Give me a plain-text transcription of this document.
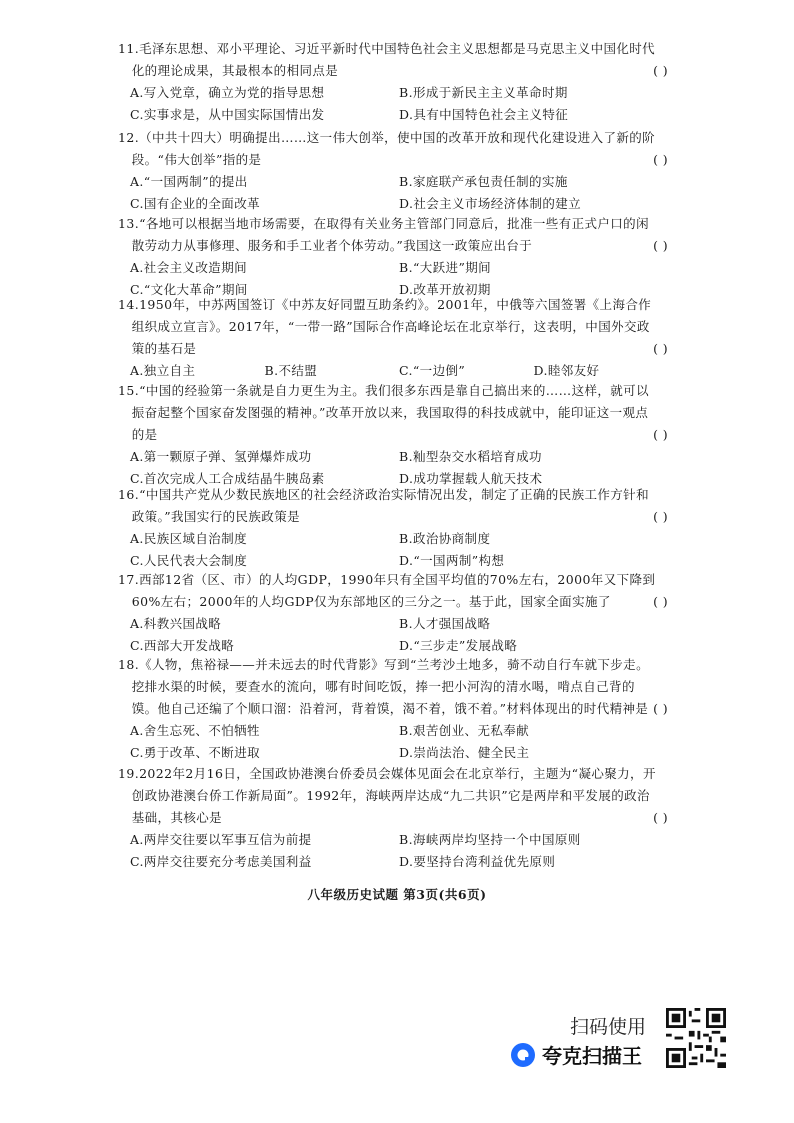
11.毛泽东思想、邓小平理论、习近平新时代中国特色社会主义思想都是马克思主义中国化时代化的理论成果，其最根本的相同点是	( )
A.写入党章，确立为党的指导思想	B.形成于新民主主义革命时期
C.实事求是，从中国实际国情出发	D.具有中国特色社会主义特征
12.（中共十四大）明确提出……这一伟大创举，使中国的改革开放和现代化建设进入了新的阶段。“伟大创举”指的是	( )
A.“一国两制”的提出	B.家庭联产承包责任制的实施
C.国有企业的全面改革	D.社会主义市场经济体制的建立
13.“各地可以根据当地市场需要，在取得有关业务主管部门同意后，批准一些有正式户口的闲散劳动力从事修理、服务和手工业者个体劳动。”我国这一政策应出台于	( )
A.社会主义改造期间	B.“大跃进”期间
C.“文化大革命”期间	D.改革开放初期
14.1950年，中苏两国签订《中苏友好同盟互助条约》。2001年，中俄等六国签署《上海合作组织成立宣言》。2017年，“一带一路”国际合作高峰论坛在北京举行，这表明，中国外交政策的基石是	( )
A.独立自主	B.不结盟	C.“一边倒”	D.睦邻友好
15.“中国的经验第一条就是自力更生为主。我们很多东西是靠自己搞出来的……这样，就可以振奋起整个国家奋发图强的精神。”改革开放以来，我国取得的科技成就中，能印证这一观点的是	( )
A.第一颗原子弹、氢弹爆炸成功	B.籼型杂交水稻培育成功
C.首次完成人工合成结晶牛胰岛素	D.成功掌握载人航天技术
16.“中国共产党从少数民族地区的社会经济政治实际情况出发，制定了正确的民族工作方针和政策。”我国实行的民族政策是	( )
A.民族区域自治制度	B.政治协商制度
C.人民代表大会制度	D.“一国两制”构想
17.西部12省（区、市）的人均GDP，1990年只有全国平均值的70%左右，2000年又下降到60%左右；2000年的人均GDP仅为东部地区的三分之一。基于此，国家全面实施了	( )
A.科教兴国战略	B.人才强国战略
C.西部大开发战略	D.“三步走”发展战略
18.《人物，焦裕禄——并未远去的时代背影》写到“兰考沙土地多，骑不动自行车就下步走。挖排水渠的时候，要查水的流向，哪有时间吃饭，捧一把小河沟的清水喝，啃点自己背的馍。他自己还编了个顺口溜：沿着河，背着馍，渴不着，饿不着。”材料体现出的时代精神是 ( )
A.舍生忘死、不怕牺牲	B.艰苦创业、无私奉献
C.勇于改革、不断进取	D.崇尚法治、健全民主
19.2022年2月16日，全国政协港澳台侨委员会媒体见面会在北京举行，主题为“凝心聚力，开创政协港澳台侨工作新局面”。1992年，海峡两岸达成“九二共识”它是两岸和平发展的政治基础，其核心是	( )
A.两岸交往要以军事互信为前提	B.海峡两岸均坚持一个中国原则
C.两岸交往要充分考虑美国利益	D.要坚持台湾利益优先原则
八年级历史试题 第3页(共6页)
扫码使用
夸克扫描王
